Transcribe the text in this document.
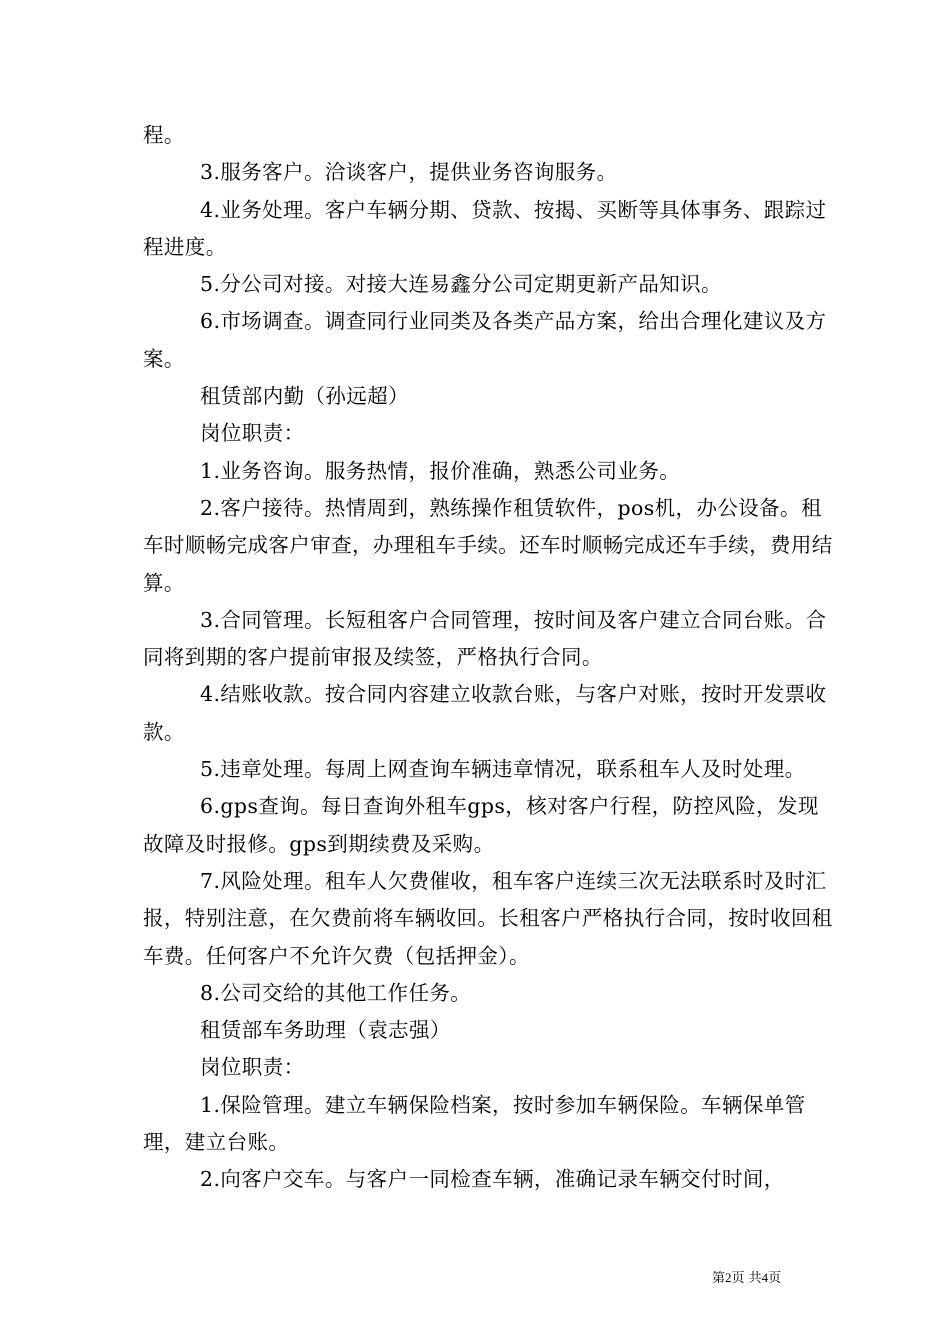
程。

3.服务客户。洽谈客户，提供业务咨询服务。

4.业务处理。客户车辆分期、贷款、按揭、买断等具体事务、跟踪过程进度。

5.分公司对接。对接大连易鑫分公司定期更新产品知识。

6.市场调查。调查同行业同类及各类产品方案，给出合理化建议及方案。

租赁部内勤（孙远超）

岗位职责：

1.业务咨询。服务热情，报价准确，熟悉公司业务。

2.客户接待。热情周到，熟练操作租赁软件，pos机，办公设备。租车时顺畅完成客户审查，办理租车手续。还车时顺畅完成还车手续，费用结算。

3.合同管理。长短租客户合同管理，按时间及客户建立合同台账。合同将到期的客户提前审报及续签，严格执行合同。

4.结账收款。按合同内容建立收款台账，与客户对账，按时开发票收款。

5.违章处理。每周上网查询车辆违章情况，联系租车人及时处理。

6.gps查询。每日查询外租车gps，核对客户行程，防控风险，发现故障及时报修。gps到期续费及采购。

7.风险处理。租车人欠费催收，租车客户连续三次无法联系时及时汇报，特别注意，在欠费前将车辆收回。长租客户严格执行合同，按时收回租车费。任何客户不允许欠费（包括押金）。

8.公司交给的其他工作任务。

租赁部车务助理（袁志强）

岗位职责：

1.保险管理。建立车辆保险档案，按时参加车辆保险。车辆保单管理，建立台账。

2.向客户交车。与客户一同检查车辆，准确记录车辆交付时间，

第2页 共4页
